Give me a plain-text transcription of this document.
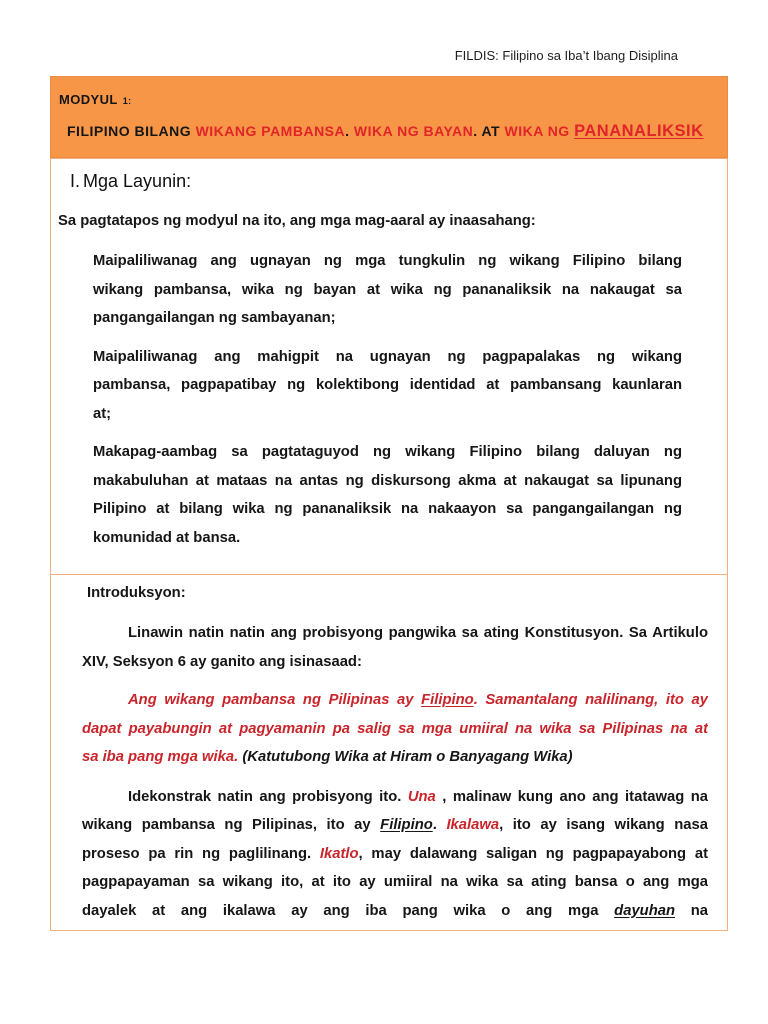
FILDIS: Filipino sa Iba’t Ibang Disiplina
MODYUL 1:
FILIPINO BILANG WIKANG PAMBANSA. WIKA NG BAYAN. AT WIKA NG PANANALIKSIK
I. Mga Layunin:
Sa pagtatapos ng modyul na ito, ang mga mag-aaral ay inaasahang:
Maipaliliwanag ang ugnayan ng mga tungkulin ng wikang Filipino bilang
wikang pambansa, wika ng bayan at wika ng pananaliksik na nakaugat sa
pangangailangan ng sambayanan;
Maipaliliwanag ang mahigpit na ugnayan ng pagpapalakas ng wikang
pambansa, pagpapatibay ng kolektibong identidad at pambansang kaunlaran
at;
Makapag-aambag sa pagtataguyod ng wikang Filipino bilang daluyan ng
makabuluhan at mataas na antas ng diskursong akma at nakaugat sa lipunang
Pilipino at bilang wika ng pananaliksik na nakaayon sa pangangailangan ng
komunidad at bansa.
Introduksyon:
Linawin natin natin ang probisyong pangwika sa ating Konstitusyon. Sa Artikulo
XIV, Seksyon 6 ay ganito ang isinasaad:
Ang wikang pambansa ng Pilipinas ay Filipino. Samantalang nalilinang, ito ay
dapat payabungin at pagyamanin pa salig sa mga umiiral na wika sa Pilipinas na at
sa iba pang mga wika. (Katutubong Wika at Hiram o Banyagang Wika)
Idekonstrak natin ang probisyong ito. Una , malinaw kung ano ang itatawag na
wikang pambansa ng Pilipinas, ito ay Filipino. Ikalawa, ito ay isang wikang nasa
proseso pa rin ng paglilinang. Ikatlo, may dalawang saligan ng pagpapayabong at
pagpapayaman sa wikang ito, at ito ay umiiral na wika sa ating bansa o ang mga
dayalek at ang ikalawa ay ang iba pang wika o ang mga dayuhan na
